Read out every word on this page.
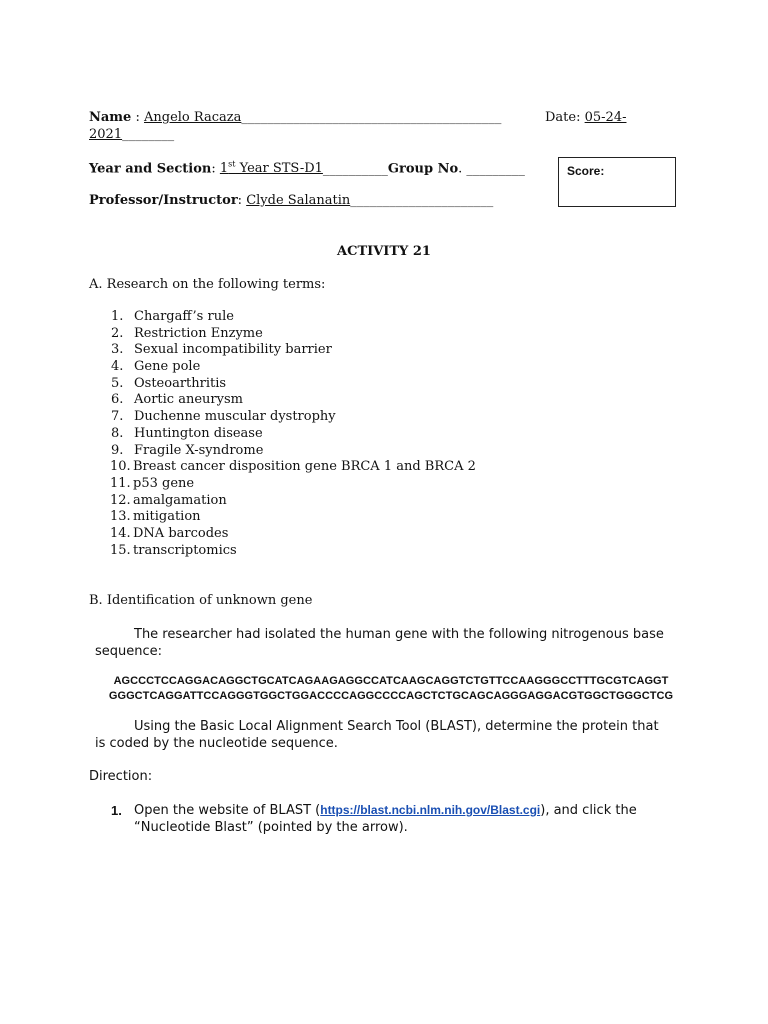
Name : Angelo Racaza________________________________________	Date: 05-24-
2021________
Year and Section: 1st Year STS-D1__________Group No. _________	Score:
Professor/Instructor: Clyde Salanatin______________________
ACTIVITY 21
A. Research on the following terms:
1. Chargaff’s rule
2. Restriction Enzyme
3. Sexual incompatibility barrier
4. Gene pole
5. Osteoarthritis
6. Aortic aneurysm
7. Duchenne muscular dystrophy
8. Huntington disease
9. Fragile X-syndrome
10. Breast cancer disposition gene BRCA 1 and BRCA 2
11. p53 gene
12. amalgamation
13. mitigation
14. DNA barcodes
15. transcriptomics
B. Identification of unknown gene
The researcher had isolated the human gene with the following nitrogenous base
sequence:
AGCCCTCCAGGACAGGCTGCATCAGAAGAGGCCATCAAGCAGGTCTGTTCCAAGGGCCTTTGCGTCAGGT
GGGCTCAGGATTCCAGGGTGGCTGGACCCCAGGCCCCAGCTCTGCAGCAGGGAGGACGTGGCTGGGCTCG
Using the Basic Local Alignment Search Tool (BLAST), determine the protein that
is coded by the nucleotide sequence.
Direction:
1. Open the website of BLAST (https://blast.ncbi.nlm.nih.gov/Blast.cgi), and click the
“Nucleotide Blast” (pointed by the arrow).
